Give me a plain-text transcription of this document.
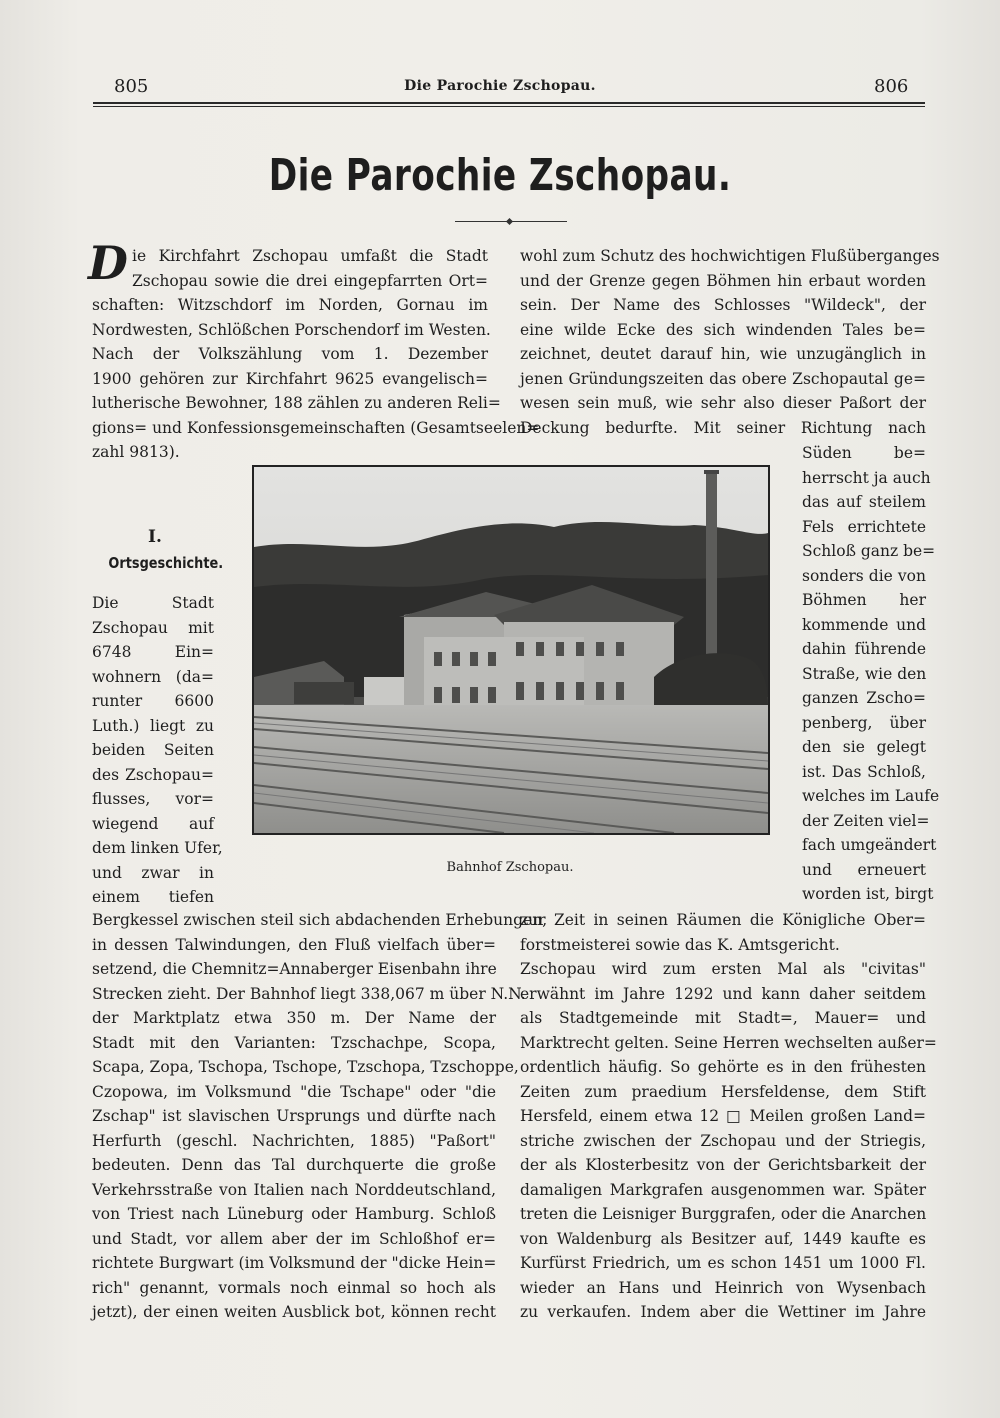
805	Die Parochie Zschopau.	806
Die Parochie Zschopau.
D ie Kirchfahrt Zschopau umfaßt die Stadt
Zschopau sowie die drei eingepfarrten Ort=
schaften: Witzschdorf im Norden, Gornau im
Nordwesten, Schlößchen Porschendorf im Westen.
Nach der Volkszählung vom 1. Dezember
1900 gehören zur Kirchfahrt 9625 evangelisch=
lutherische Bewohner, 188 zählen zu anderen Reli=
gions= und Konfessionsgemeinschaften (Gesamtseelen=
zahl 9813).
I.
Ortsgeschichte.
Die Stadt
Zschopau mit
6748 Ein=
wohnern (da=
runter 6600
Luth.) liegt zu
beiden Seiten
des Zschopau=
flusses, vor=
wiegend auf
dem linken Ufer,
und zwar in
einem tiefen
Bergkessel zwischen steil sich abdachenden Erhebungen,
in dessen Talwindungen, den Fluß vielfach über=
setzend, die Chemnitz=Annaberger Eisenbahn ihre
Strecken zieht. Der Bahnhof liegt 338,067 m über N.N.
der Marktplatz etwa 350 m. Der Name der
Stadt mit den Varianten: Tzschachpe, Scopa,
Scapa, Zopa, Tschopa, Tschope, Tzschopa, Tzschoppe,
Czopowa, im Volksmund "die Tschape" oder "die
Zschap" ist slavischen Ursprungs und dürfte nach
Herfurth (geschl. Nachrichten, 1885) "Paßort"
bedeuten. Denn das Tal durchquerte die große
Verkehrsstraße von Italien nach Norddeutschland,
von Triest nach Lüneburg oder Hamburg. Schloß
und Stadt, vor allem aber der im Schloßhof er=
richtete Burgwart (im Volksmund der "dicke Hein=
rich" genannt, vormals noch einmal so hoch als
jetzt), der einen weiten Ausblick bot, können recht
wohl zum Schutz des hochwichtigen Flußüberganges
und der Grenze gegen Böhmen hin erbaut worden
sein. Der Name des Schlosses "Wildeck", der
eine wilde Ecke des sich windenden Tales be=
zeichnet, deutet darauf hin, wie unzugänglich in
jenen Gründungszeiten das obere Zschopautal ge=
wesen sein muß, wie sehr also dieser Paßort der
Deckung bedurfte. Mit seiner Richtung nach
Süden be=
herrscht ja auch
das auf steilem
Fels errichtete
Schloß ganz be=
sonders die von
Böhmen her
kommende und
dahin führende
Straße, wie den
ganzen Zscho=
penberg, über
den sie gelegt
ist. Das Schloß,
welches im Laufe
der Zeiten viel=
fach umgeändert
und erneuert
worden ist, birgt
zur Zeit in seinen Räumen die Königliche Ober=
forstmeisterei sowie das K. Amtsgericht.
Zschopau wird zum ersten Mal als "civitas"
erwähnt im Jahre 1292 und kann daher seitdem
als Stadtgemeinde mit Stadt=, Mauer= und
Marktrecht gelten. Seine Herren wechselten außer=
ordentlich häufig. So gehörte es in den frühesten
Zeiten zum praedium Hersfeldense, dem Stift
Hersfeld, einem etwa 12 □ Meilen großen Land=
striche zwischen der Zschopau und der Striegis,
der als Klosterbesitz von der Gerichtsbarkeit der
damaligen Markgrafen ausgenommen war. Später
treten die Leisniger Burggrafen, oder die Anarchen
von Waldenburg als Besitzer auf, 1449 kaufte es
Kurfürst Friedrich, um es schon 1451 um 1000 Fl.
wieder an Hans und Heinrich von Wysenbach
zu verkaufen. Indem aber die Wettiner im Jahre
Bahnhof Zschopau.
